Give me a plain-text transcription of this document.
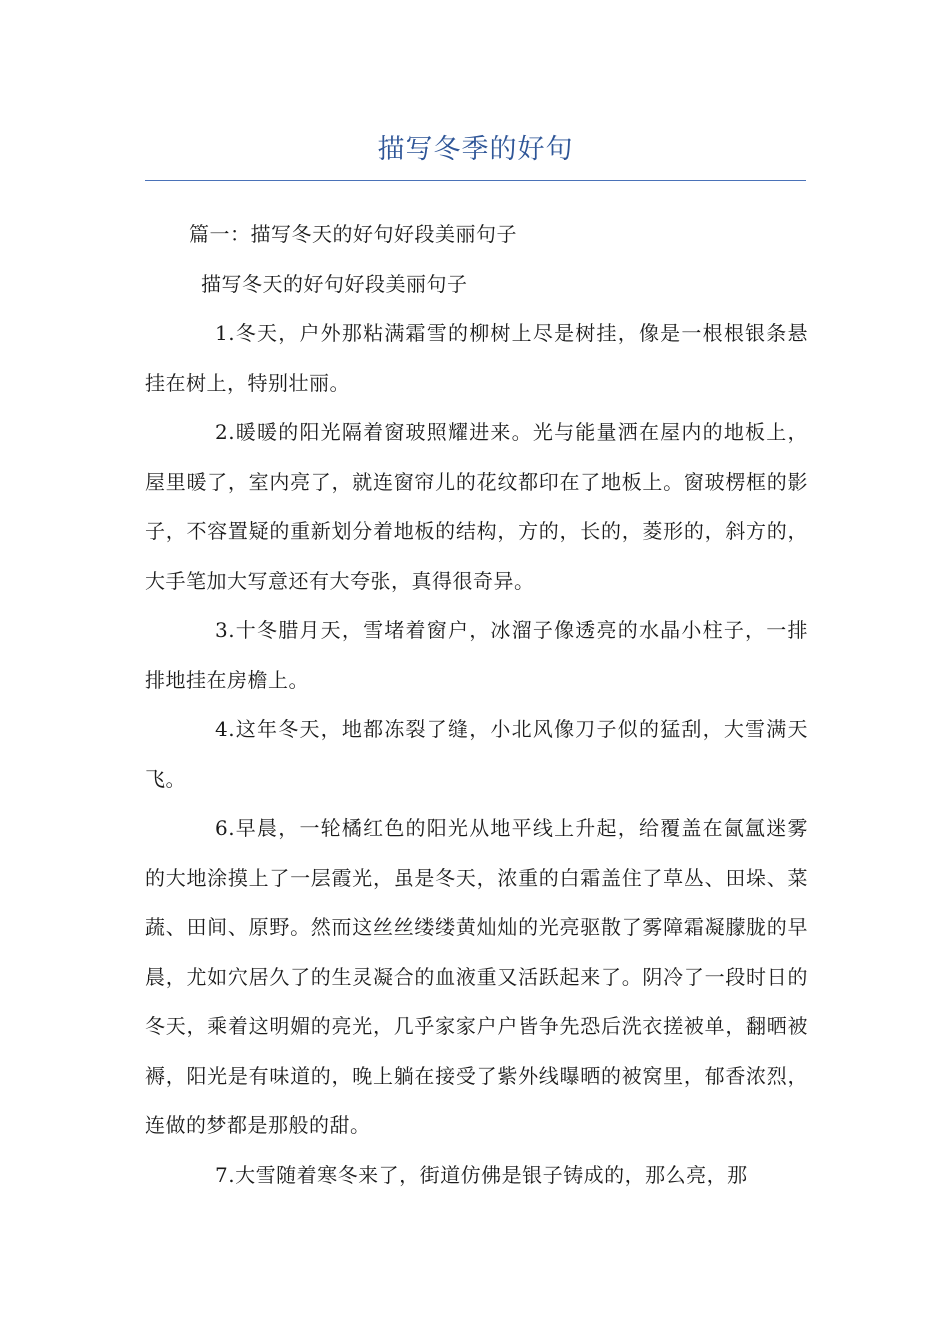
描写冬季的好句

篇一：描写冬天的好句好段美丽句子

描写冬天的好句好段美丽句子

1.冬天，户外那粘满霜雪的柳树上尽是树挂，像是一根根银条悬挂在树上，特别壮丽。

2.暖暖的阳光隔着窗玻照耀进来。光与能量洒在屋内的地板上，屋里暖了，室内亮了，就连窗帘儿的花纹都印在了地板上。窗玻楞框的影子，不容置疑的重新划分着地板的结构，方的，长的，菱形的，斜方的，大手笔加大写意还有大夸张，真得很奇异。

3.十冬腊月天，雪堵着窗户，冰溜子像透亮的水晶小柱子，一排排地挂在房檐上。

4.这年冬天，地都冻裂了缝，小北风像刀子似的猛刮，大雪满天飞。

6.早晨，一轮橘红色的阳光从地平线上升起，给覆盖在氤氲迷雾的大地涂摸上了一层霞光，虽是冬天，浓重的白霜盖住了草丛、田垛、菜蔬、田间、原野。然而这丝丝缕缕黄灿灿的光亮驱散了雾障霜凝朦胧的早晨，尤如穴居久了的生灵凝合的血液重又活跃起来了。阴冷了一段时日的冬天，乘着这明媚的亮光，几乎家家户户皆争先恐后洗衣搓被单，翻晒被褥，阳光是有味道的，晚上躺在接受了紫外线曝晒的被窝里，郁香浓烈，连做的梦都是那般的甜。

7.大雪随着寒冬来了，街道仿佛是银子铸成的，那么亮，那
